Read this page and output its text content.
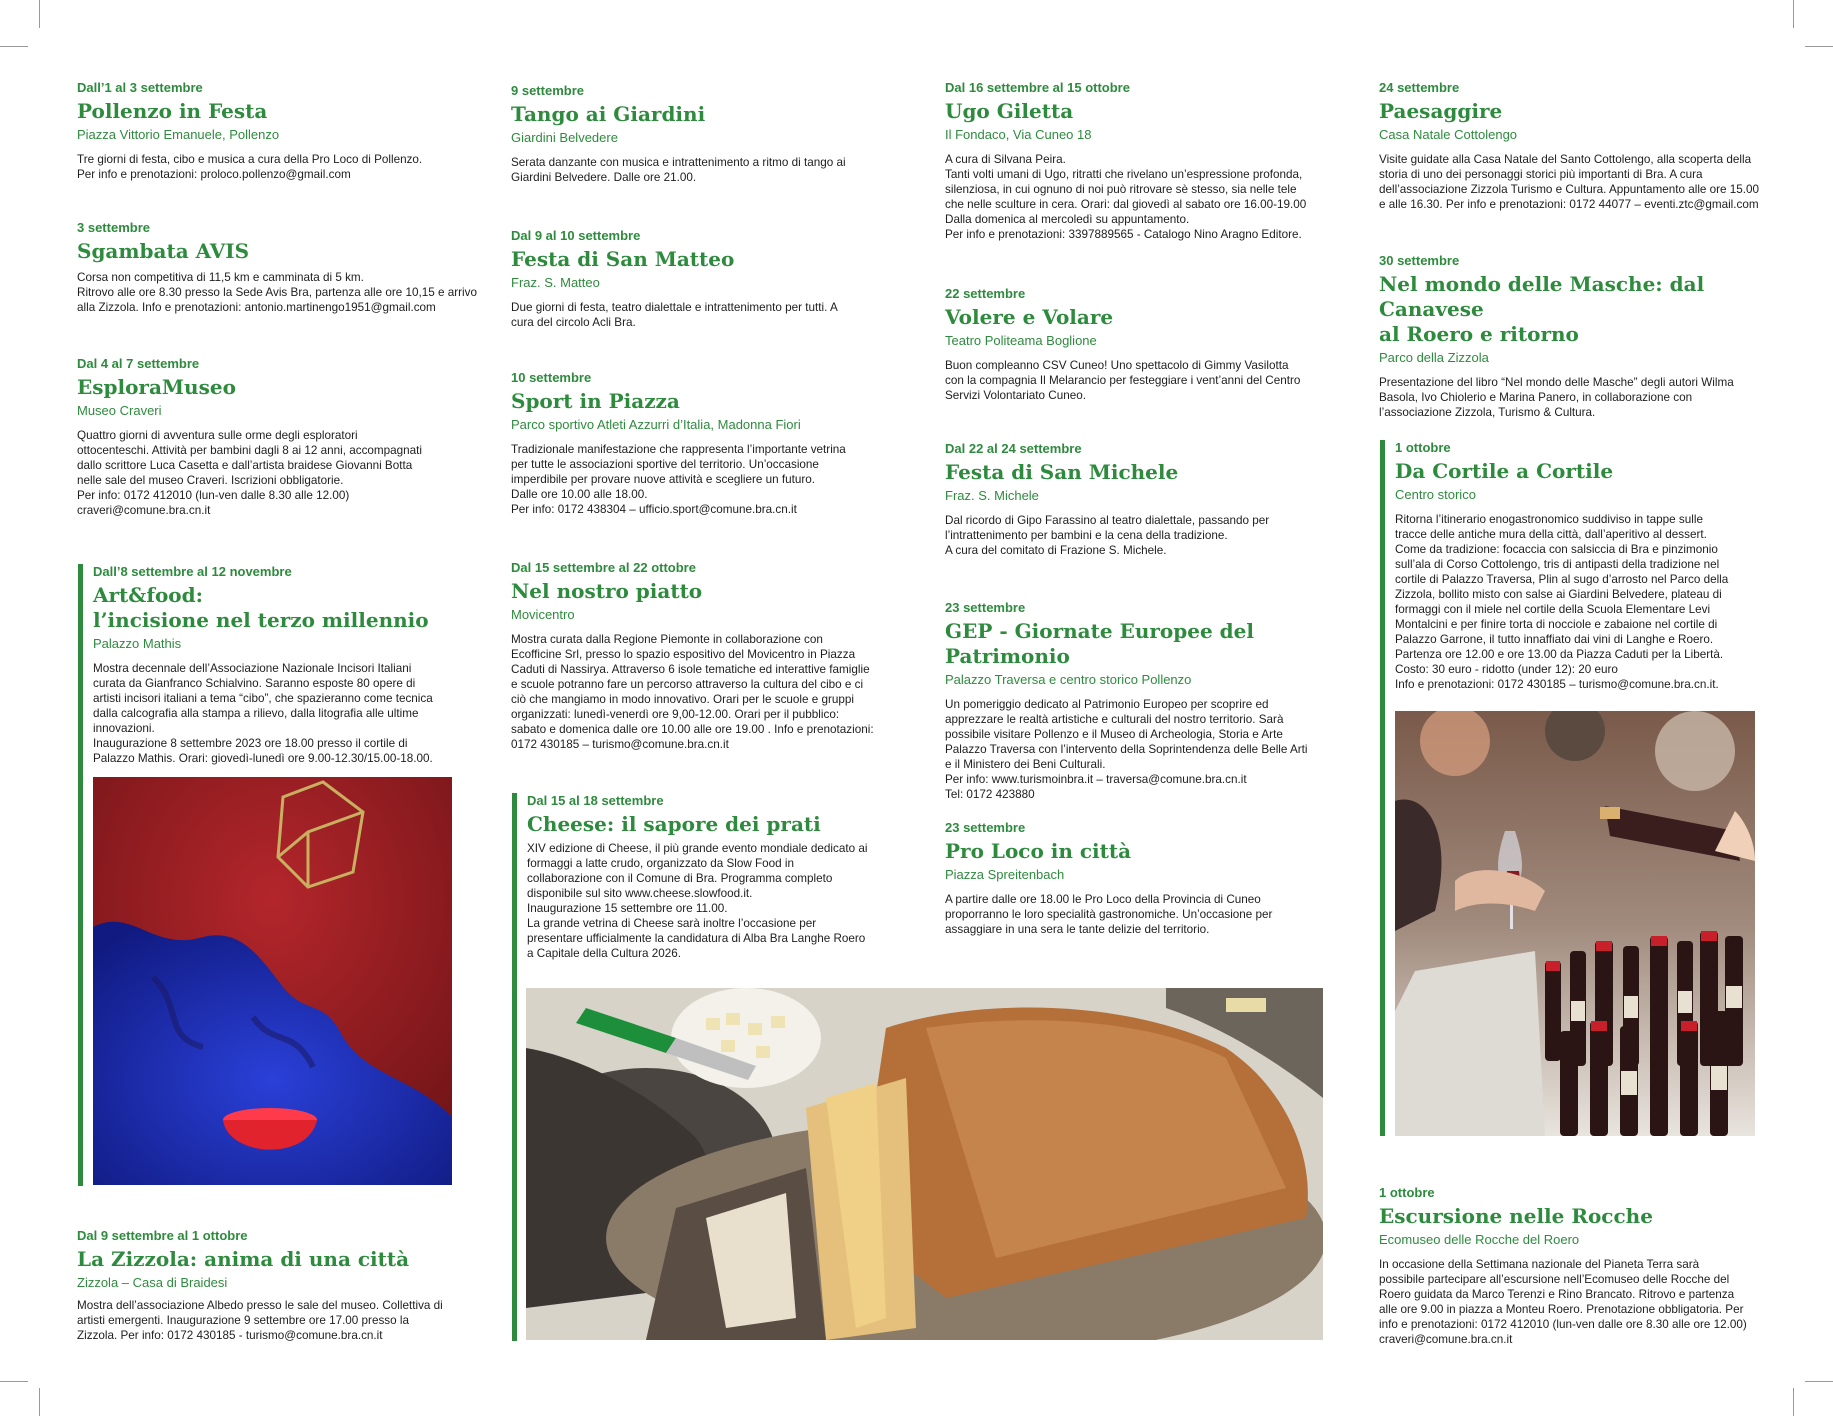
Dall’1 al 3 settembre
Pollenzo in Festa
Piazza Vittorio Emanuele, Pollenzo
Tre giorni di festa, cibo e musica a cura della Pro Loco di Pollenzo.
Per info e prenotazioni: proloco.pollenzo@gmail.com
3 settembre
Sgambata AVIS
Corsa non competitiva di 11,5 km e camminata di 5 km.
Ritrovo alle ore 8.30 presso la Sede Avis Bra, partenza alle ore 10,15 e arrivo
alla Zizzola. Info e prenotazioni: antonio.martinengo1951@gmail.com
Dal 4 al 7 settembre
EsploraMuseo
Museo Craveri
Quattro giorni di avventura sulle orme degli esploratori
ottocenteschi. Attività per bambini dagli 8 ai 12 anni, accompagnati
dallo scrittore Luca Casetta e dall’artista braidese Giovanni Botta
nelle sale del museo Craveri. Iscrizioni obbligatorie.
Per info: 0172 412010 (lun-ven dalle 8.30 alle 12.00)
craveri@comune.bra.cn.it
Dall’8 settembre al 12 novembre
Art&food:
l’incisione nel terzo millennio
Palazzo Mathis
Mostra decennale dell’Associazione Nazionale Incisori Italiani
curata da Gianfranco Schialvino. Saranno esposte 80 opere di
artisti incisori italiani a tema “cibo”, che spazieranno come tecnica
dalla calcografia alla stampa a rilievo, dalla litografia alle ultime
innovazioni.
Inaugurazione 8 settembre 2023 ore 18.00 presso il cortile di
Palazzo Mathis. Orari: giovedì-lunedì ore 9.00-12.30/15.00-18.00.
Dal 9 settembre al 1 ottobre
La Zizzola: anima di una città
Zizzola – Casa di Braidesi
Mostra dell’associazione Albedo presso le sale del museo. Collettiva di
artisti emergenti. Inaugurazione 9 settembre ore 17.00 presso la
Zizzola. Per info: 0172 430185 - turismo@comune.bra.cn.it
9 settembre
Tango ai Giardini
Giardini Belvedere
Serata danzante con musica e intrattenimento a ritmo di tango ai
Giardini Belvedere. Dalle ore 21.00.
Dal 9 al 10 settembre
Festa di San Matteo
Fraz. S. Matteo
Due giorni di festa, teatro dialettale e intrattenimento per tutti. A
cura del circolo Acli Bra.
10 settembre
Sport in Piazza
Parco sportivo Atleti Azzurri d’Italia, Madonna Fiori
Tradizionale manifestazione che rappresenta l’importante vetrina
per tutte le associazioni sportive del territorio. Un’occasione
imperdibile per provare nuove attività e scegliere un futuro.
Dalle ore 10.00 alle 18.00.
Per info: 0172 438304 – ufficio.sport@comune.bra.cn.it
Dal 15 settembre al 22 ottobre
Nel nostro piatto
Movicentro
Mostra curata dalla Regione Piemonte in collaborazione con
Ecofficine Srl, presso lo spazio espositivo del Movicentro in Piazza
Caduti di Nassirya. Attraverso 6 isole tematiche ed interattive famiglie
e scuole potranno fare un percorso attraverso la cultura del cibo e ci
ciò che mangiamo in modo innovativo. Orari per le scuole e gruppi
organizzati: lunedì-venerdì ore 9,00-12.00. Orari per il pubblico:
sabato e domenica dalle ore 10.00 alle ore 19.00 . Info e prenotazioni:
0172 430185 – turismo@comune.bra.cn.it
Dal 15 al 18 settembre
Cheese: il sapore dei prati
XIV edizione di Cheese, il più grande evento mondiale dedicato ai
formaggi a latte crudo, organizzato da Slow Food in
collaborazione con il Comune di Bra. Programma completo
disponibile sul sito www.cheese.slowfood.it.
Inaugurazione 15 settembre ore 11.00.
La grande vetrina di Cheese sarà inoltre l’occasione per
presentare ufficialmente la candidatura di Alba Bra Langhe Roero
a Capitale della Cultura 2026.
Dal 16 settembre al 15 ottobre
Ugo Giletta
Il Fondaco, Via Cuneo 18
A cura di Silvana Peira.
Tanti volti umani di Ugo, ritratti che rivelano un’espressione profonda,
silenziosa, in cui ognuno di noi può ritrovare sè stesso, sia nelle tele
che nelle sculture in cera. Orari: dal giovedì al sabato ore 16.00-19.00
Dalla domenica al mercoledì su appuntamento.
Per info e prenotazioni: 3397889565 - Catalogo Nino Aragno Editore.
22 settembre
Volere e Volare
Teatro Politeama Boglione
Buon compleanno CSV Cuneo! Uno spettacolo di Gimmy Vasilotta
con la compagnia Il Melarancio per festeggiare i vent’anni del Centro
Servizi Volontariato Cuneo.
Dal 22 al 24 settembre
Festa di San Michele
Fraz. S. Michele
Dal ricordo di Gipo Farassino al teatro dialettale, passando per
l’intrattenimento per bambini e la cena della tradizione.
A cura del comitato di Frazione S. Michele.
23 settembre
GEP - Giornate Europee del Patrimonio
Palazzo Traversa e centro storico Pollenzo
Un pomeriggio dedicato al Patrimonio Europeo per scoprire ed
apprezzare le realtà artistiche e culturali del nostro territorio. Sarà
possibile visitare Pollenzo e il Museo di Archeologia, Storia e Arte
Palazzo Traversa con l’intervento della Soprintendenza delle Belle Arti
e il Ministero dei Beni Culturali.
Per info: www.turismoinbra.it – traversa@comune.bra.cn.it
Tel: 0172 423880
23 settembre
Pro Loco in città
Piazza Spreitenbach
A partire dalle ore 18.00 le Pro Loco della Provincia di Cuneo
proporranno le loro specialità gastronomiche. Un’occasione per
assaggiare in una sera le tante delizie del territorio.
24 settembre
Paesaggire
Casa Natale Cottolengo
Visite guidate alla Casa Natale del Santo Cottolengo, alla scoperta della
storia di uno dei personaggi storici più importanti di Bra. A cura
dell’associazione Zizzola Turismo e Cultura. Appuntamento alle ore 15.00
e alle 16.30. Per info e prenotazioni: 0172 44077 – eventi.ztc@gmail.com
30 settembre
Nel mondo delle Masche: dal Canavese
al Roero e ritorno
Parco della Zizzola
Presentazione del libro “Nel mondo delle Masche” degli autori Wilma
Basola, Ivo Chiolerio e Marina Panero, in collaborazione con
l’associazione Zizzola, Turismo & Cultura.
1 ottobre
Da Cortile a Cortile
Centro storico
Ritorna l’itinerario enogastronomico suddiviso in tappe sulle
tracce delle antiche mura della città, dall’aperitivo al dessert.
Come da tradizione: focaccia con salsiccia di Bra e pinzimonio
sull’ala di Corso Cottolengo, tris di antipasti della tradizione nel
cortile di Palazzo Traversa, Plin al sugo d’arrosto nel Parco della
Zizzola, bollito misto con salse ai Giardini Belvedere, plateau di
formaggi con il miele nel cortile della Scuola Elementare Levi
Montalcini e per finire torta di nocciole e zabaione nel cortile di
Palazzo Garrone, il tutto innaffiato dai vini di Langhe e Roero.
Partenza ore 12.00 e ore 13.00 da Piazza Caduti per la Libertà.
Costo: 30 euro - ridotto (under 12): 20 euro
Info e prenotazioni: 0172 430185 – turismo@comune.bra.cn.it.
1 ottobre
Escursione nelle Rocche
Ecomuseo delle Rocche del Roero
In occasione della Settimana nazionale del Pianeta Terra sarà
possibile partecipare all’escursione nell’Ecomuseo delle Rocche del
Roero guidata da Marco Terenzi e Rino Brancato. Ritrovo e partenza
alle ore 9.00 in piazza a Monteu Roero. Prenotazione obbligatoria. Per
info e prenotazioni: 0172 412010 (lun-ven dalle ore 8.30 alle ore 12.00)
craveri@comune.bra.cn.it
